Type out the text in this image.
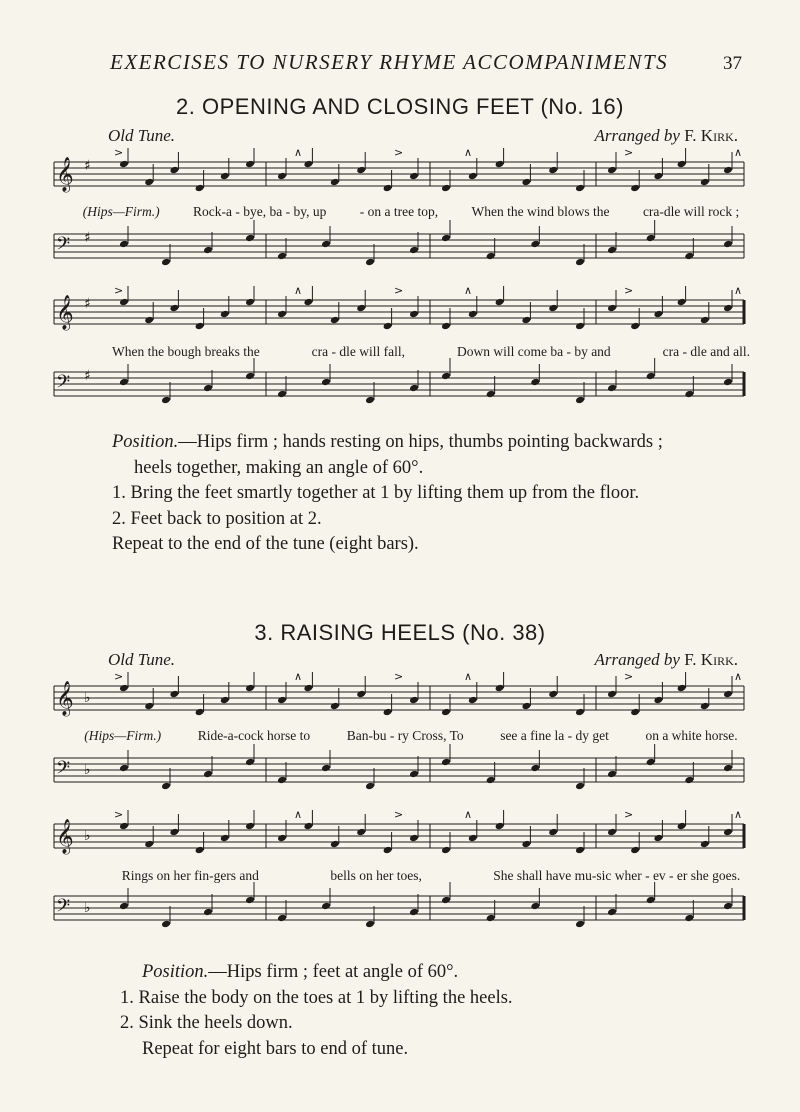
EXERCISES TO NURSERY RHYME ACCOMPANIMENTS	37
2. OPENING AND CLOSING FEET (No. 16)
Old Tune.	Arranged by F. Kirk.
𝄞 ♯
𝄢 ♯
>	∧	>	∧	>	∧
(Hips—Firm.) Rock-a - bye, ba - by, up - on a tree top, When the wind blows the cra-dle will rock ;
𝄞 ♯
𝄢 ♯
>	∧	>	∧	>	∧
When the bough breaks the	cra - dle will fall,	Down will come ba - by and	cra - dle and all.

Position.—Hips firm ; hands resting on hips, thumbs pointing backwards ;

heels together, making an angle of 60°.

1. Bring the feet smartly together at 1 by lifting them up from the floor.

2. Feet back to position at 2.

Repeat to the end of the tune (eight bars).

3. RAISING HEELS (No. 38)
Old Tune.	Arranged by F. Kirk.
𝄞 ♭
𝄢 ♭
>	∧	>	∧	>	∧
(Hips—Firm.)	Ride-a-cock horse to	Ban-bu - ry Cross, To	see a fine la - dy get	on a white horse.
𝄞 ♭
𝄢 ♭
>	∧	>	∧	>	∧
Rings on her fin-gers and	bells on her toes,	She shall have mu-sic wher - ev - er she goes.

Position.—Hips firm ; feet at angle of 60°.

1. Raise the body on the toes at 1 by lifting the heels.

2. Sink the heels down.

Repeat for eight bars to end of tune.
